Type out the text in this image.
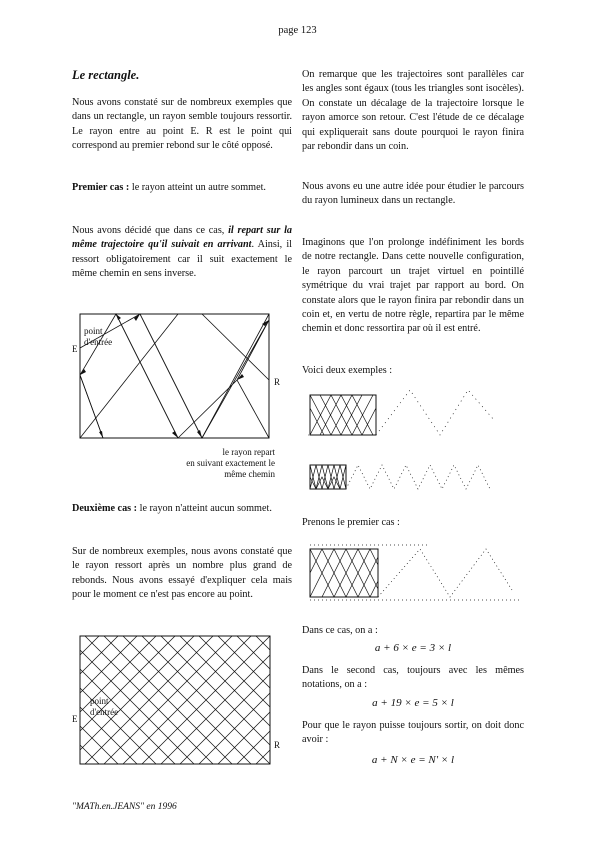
page 123
Le rectangle.

Nous avons constaté sur de nombreux exemples que dans un rectangle, un rayon semble toujours ressortir. Le rayon entre au point E. R est le point qui correspond au premier rebond sur le côté opposé.

Premier cas : le rayon atteint un autre sommet.

Nous avons décidé que dans ce cas, il repart sur la même trajectoire qu'il suivait en arrivant. Ainsi, il ressort obligatoirement car il suit exactement le même chemin en sens inverse.

point
d'entrée
E
R
le rayon repart
en suivant exactement le
même chemin

Deuxième cas : le rayon n'atteint aucun sommet.

Sur de nombreux exemples, nous avons constaté que le rayon ressort après un nombre plus grand de rebonds. Nous avons essayé d'expliquer cela mais pour le moment ce n'est pas encore au point.

point
d'entrée
E
R
"MATh.en.JEANS" en 1996

On remarque que les trajectoires sont parallèles car les angles sont égaux (tous les triangles sont isocèles). On constate un décalage de la trajectoire lorsque le rayon amorce son retour. C'est l'étude de ce décalage qui expliquerait sans doute pourquoi le rayon finira par rebondir dans un coin.

Nous avons eu une autre idée pour étudier le parcours du rayon lumineux dans un rectangle.

Imaginons que l'on prolonge indéfiniment les bords de notre rectangle. Dans cette nouvelle configuration, le rayon parcourt un trajet virtuel en pointillé symétrique du vrai trajet par rapport au bord. On constate alors que le rayon finira par rebondir dans un coin et, en vertu de notre règle, repartira par le même chemin et donc ressortira par où il est entré.

Voici deux exemples :

Prenons le premier cas :

Dans ce cas, on a :

a + 6 × e = 3 × l

Dans le second cas, toujours avec les mêmes notations, on a :

a + 19 × e = 5 × l

Pour que le rayon puisse toujours sortir, on doit donc avoir :

a + N × e = N' × l
